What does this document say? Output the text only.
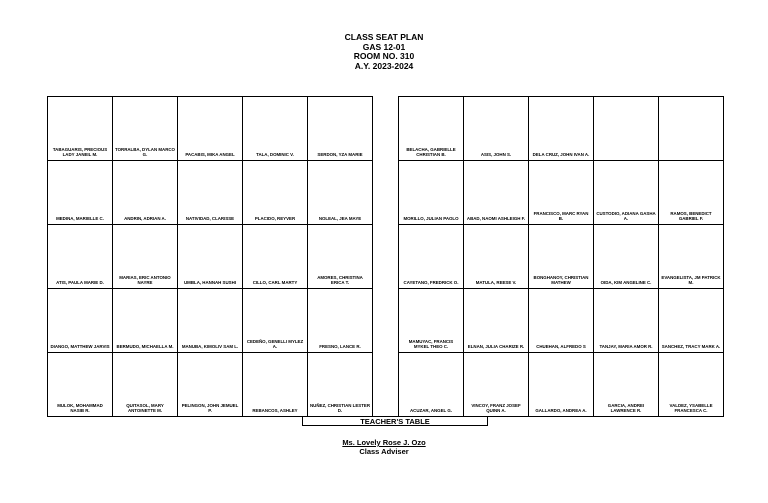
CLASS SEAT PLAN
GAS 12-01
ROOM NO. 310
A.Y. 2023-2024
TABAGUARIS, PRECIOUS LADY JANEIL M.
TORRALBA, DYLAN MARCO G.	PACABIS, MIKA ANGEL	TALA, DOMINIC V.	SERDON, YZA MARIE
MEDINA, MARIELLE C.	ANDRIN, ADRIAN A.	NATIVIDAD, CLARISSE	PLACIDO, REYVER	NOLEAL, JEA MAYE
ATIS, PAULA MARIE D.
MARIAS, ERIC ANTONIO NAYRE	UMBLA, HANNAH SUSHI	CILLO, CARL MARTY
AMORES, CHRISTINA ERICA T.
DIANGO, MATTHEW JARVIS	BERMUDO, MICHAELLA M.	MANUBA, KIMOLIV SAM L.
CEDEÑO, GENELLI MYLEZ A.	FRESNO, LANCE R.
MULOK, MOHAMMAD NASIB R.
QUITASOL, MARY ANTOINETTE M.
PELINGON, JOHN JEMUEL P.	REBANCOS, ASHLEY
NUÑEZ, CHRISTIAN LESTER D.
BELACHA, GABRIELLE CHRISTIAN B.	ASIS, JOHN S.	DELA CRUZ, JOHN IVAN A.
MORILLO, JULIAN PAOLO	ABAD, NAOMI ASHLEIGH F.
FRANCISCO, MARC RYAN B.
CUSTODIO, ADIANA GASHA A.
RAMOS, BENEDICT GABRIEL F.
CAYETANO, FREDRICK O.	MATULA, REESE V.
BONGHANOY, CHRISTIAN MATHEW	OIDA, KIM ANGELINE C.
EVANGELISTA, JM PATRICK M.
MAMUYAC, FRANCIS MYKEL THEO C.	ELNAN, JULIA CHARIZE R.	CHUEHAN, ALFREDO S	TANJAY, MARIA AMOR R.	SANCHEZ, TRACY MARK A.
ACUZAR, ANGEL G.
VINCOY, FRANZ JOSEF QUINN A.	GALLARDO, ANDREA A.
GARCIA, ANDREI LAWRENCE R.
VALDEZ, YSABELLE FRANCESCA C.
TEACHER'S TABLE
Ms. Lovely Rose J. Ozo
Class Adviser
